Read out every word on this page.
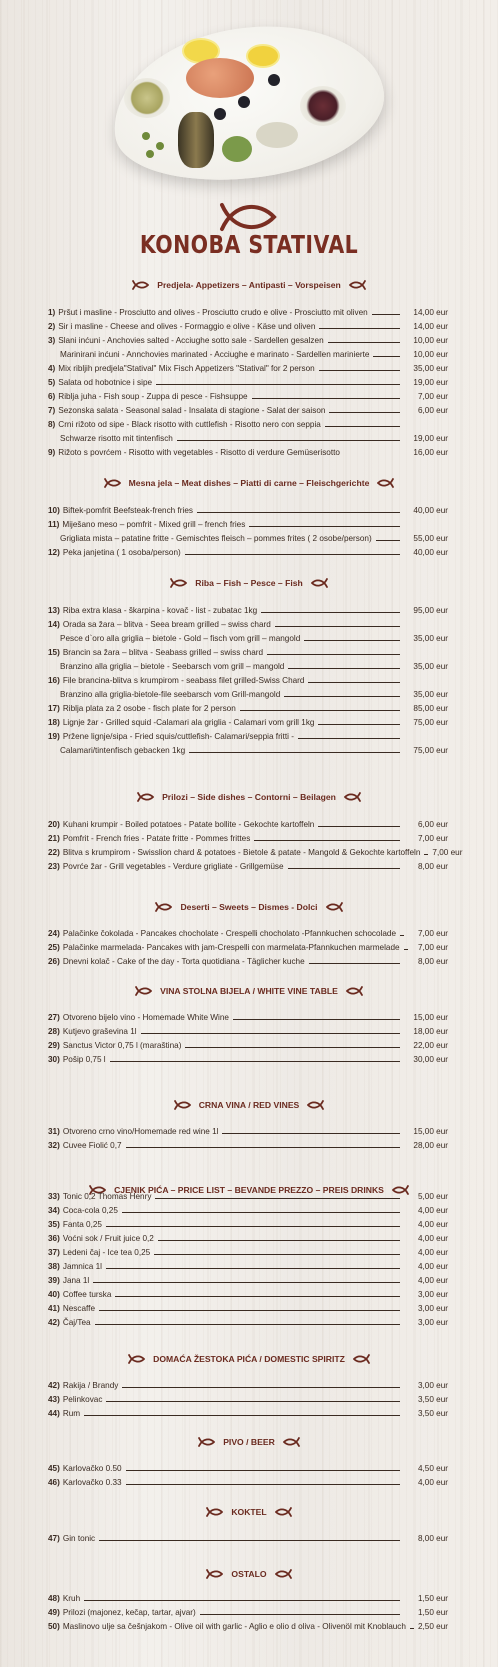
KONOBA STATIVAL
Predjela- Appetizers – Antipasti – Vorspeisen
Mesna jela – Meat dishes – Piatti di carne – Fleischgerichte
Riba – Fish – Pesce – Fish
Prilozi – Side dishes – Contorni – Beilagen
Deserti – Sweets – Dismes - Dolci
VINA STOLNA BIJELA / WHITE VINE TABLE
CRNA VINA / RED VINES
CJENIK PIĆA – PRICE LIST – BEVANDE PREZZO – PREIS DRINKS
DOMAĆA ŽESTOKA PIĆA / DOMESTIC SPIRITZ
PIVO / BEER
KOKTEL
OSTALO
1) Pršut i masline - Prosciutto and olives - Prosciutto crudo e olive - Prosciutto mit oliven	14,00 eur
2) Sir i masline - Cheese and olives - Formaggio e olive - Käse und oliven	14,00 eur
3) Slani inćuni - Anchovies salted - Acciughe sotto sale - Sardellen gesalzen	10,00 eur
Marinirani inćuni - Annchovies marinated - Acciughe e marinato - Sardellen marinierte	10,00 eur
4) Mix ribljih predjela"Statival" Mix Fisch Appetizers "Statival" for 2 person	35,00 eur
5) Salata od hobotnice i sipe	19,00 eur
6) Riblja juha - Fish soup - Zuppa di pesce - Fishsuppe	7,00 eur
7) Sezonska salata - Seasonal salad - Insalata di stagione - Salat der saison	6,00 eur
8) Crni rižoto od sipe - Black risotto with cuttlefish - Risotto nero con seppia
Schwarze risotto mit tintenfisch	19,00 eur
9) Rižoto s povrćem - Risotto with vegetables - Risotto di verdure Gemüserisotto	16,00 eur
10) Biftek-pomfrit Beefsteak-french fries	40,00 eur
11) Miješano meso – pomfrit - Mixed grill – french fries
Grigliata mista – patatine fritte - Gemischtes fleisch – pommes frites ( 2 osobe/person)	55,00 eur
12) Peka janjetina ( 1 osoba/person)	40,00 eur
13) Riba extra klasa - škarpina - kovač - list - zubatac 1kg	95,00 eur
14) Orada sa žara – blitva - Seea bream grilled – swiss chard
Pesce d`oro alla griglia – bietole - Gold – fisch vom grill – mangold	35,00 eur
15) Brancin sa žara – blitva - Seabass grilled – swiss chard
Branzino alla griglia – bietole - Seebarsch vom grill – mangold	35,00 eur
16) File brancina-blitva s krumpirom - seabass filet grilled-Swiss Chard
Branzino alla griglia-bietole-file seebarsch vom Grill-mangold	35,00 eur
17) Riblja plata za 2 osobe - fisch plate for 2 person	85,00 eur
18) Lignje žar - Grilled squid -Calamari ala griglia - Calamari vom grill 1kg	75,00 eur
19) Pržene lignje/sipa - Fried squis/cuttlefish- Calamari/seppia fritti -
Calamari/tintenfisch gebacken 1kg	75,00 eur
20) Kuhani krumpir - Boiled potatoes - Patate bollite - Gekochte kartoffeln	6,00 eur
21) Pomfrit - French fries - Patate fritte - Pommes frittes	7,00 eur
22) Blitva s krumpirom - Swisslion chard & potatoes - Bietole & patate - Mangold & Gekochte kartoffeln 7,00 eur
23) Povrće žar - Grill vegetables - Verdure grigliate - Grillgemüse	8,00 eur
24) Palačinke čokolada - Pancakes chocholate - Crespelli chocholato -Pfannkuchen schocolade	7,00 eur
25) Palačinke marmelada- Pancakes with jam-Crespelli con marmelata-Pfannkuchen marmelade	7,00 eur
26) Dnevni kolač - Cake of the day - Torta quotidiana - Täglicher kuche	8,00 eur
27) Otvoreno bijelo vino - Homemade White Wine	15,00 eur
28) Kutjevo graševina 1l	18,00 eur
29) Sanctus Victor 0,75 l (maraština)	22,00 eur
30) Pošip 0,75 l	30,00 eur
31) Otvoreno crno vino/Homemade red wine 1l	15,00 eur
32) Cuvee Fiolić 0,7	28,00 eur
33) Tonic 0,2 Thomas Henry	5,00 eur
34) Coca-cola 0,25	4,00 eur
35) Fanta 0,25	4,00 eur
36) Voćni sok / Fruit juice 0,2	4,00 eur
37) Ledeni čaj - Ice tea 0,25	4,00 eur
38) Jamnica 1l	4,00 eur
39) Jana 1l	4,00 eur
40) Coffee turska	3,00 eur
41) Nescaffe	3,00 eur
42) Čaj/Tea	3,00 eur
42) Rakija / Brandy	3,00 eur
43) Pelinkovac	3,50 eur
44) Rum	3,50 eur
45) Karlovačko 0.50	4,50 eur
46) Karlovačko 0.33	4,00 eur
47) Gin tonic	8,00 eur
48) Kruh	1,50 eur
49) Prilozi (majonez, kečap, tartar, ajvar)	1,50 eur
50) Maslinovo ulje sa češnjakom - Olive oil with garlic - Aglio e olio d oliva - Olivenöl mit Knoblauch 2,50 eur
